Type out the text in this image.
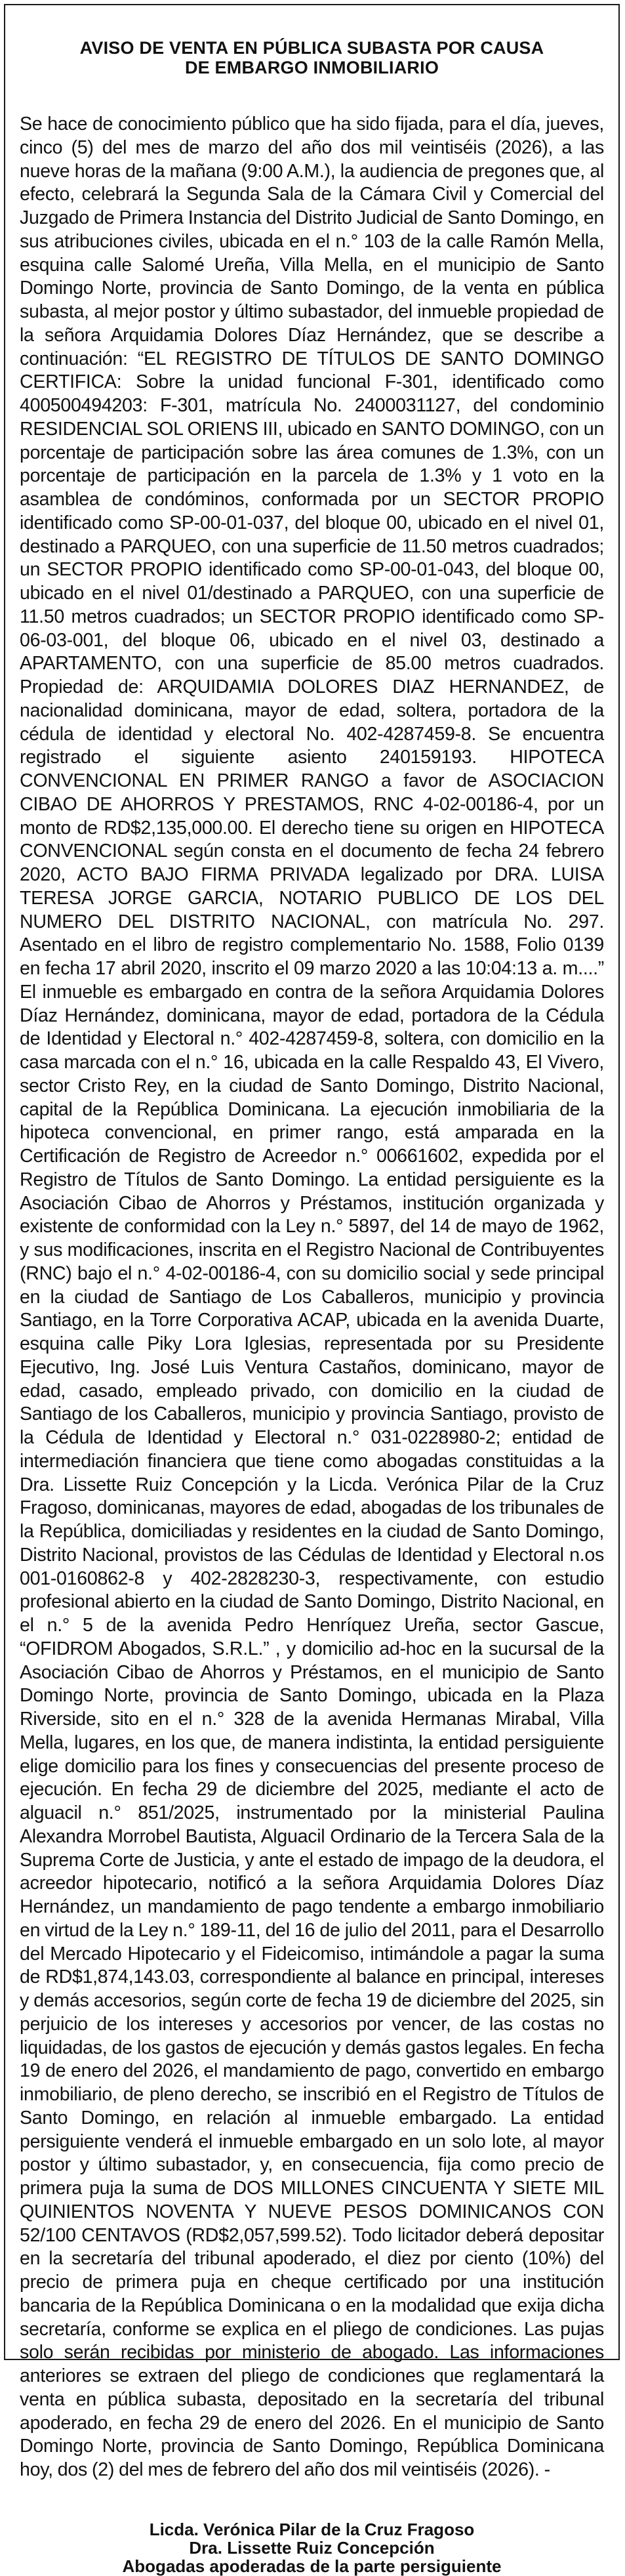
AVISO DE VENTA EN PÚBLICA SUBASTA POR CAUSA
DE EMBARGO INMOBILIARIO

Se hace de conocimiento público que ha sido fijada, para el día, jueves, cinco (5) del mes de marzo del año dos mil veintiséis (2026), a las nueve horas de la mañana (9:00 A.M.), la audiencia de pregones que, al efecto, celebrará la Segunda Sala de la Cámara Civil y Comercial del Juzgado de Primera Instancia del Distrito Judicial de Santo Domingo, en sus atribuciones civiles, ubicada en el n.° 103 de la calle Ramón Mella, esquina calle Salomé Ureña, Villa Mella, en el municipio de Santo Domingo Norte, provincia de Santo Domingo, de la venta en pública subasta, al mejor postor y último subastador, del inmueble propiedad de la señora Arquidamia Dolores Díaz Hernández, que se describe a continuación: “EL REGISTRO DE TÍTULOS DE SANTO DOMINGO CERTIFICA: Sobre la unidad funcional F-301, identificado como 400500494203: F-301, matrícula No. 2400031127, del condominio RESIDENCIAL SOL ORIENS III, ubicado en SANTO DOMINGO, con un porcentaje de participación sobre las área comunes de 1.3%, con un porcentaje de participación en la parcela de 1.3% y 1 voto en la asamblea de condóminos, conformada por un SECTOR PROPIO identificado como SP-00-01-037, del bloque 00, ubicado en el nivel 01, destinado a PARQUEO, con una superficie de 11.50 metros cuadrados; un SECTOR PROPIO identificado como SP-00-01-043, del bloque 00, ubicado en el nivel 01/destinado a PARQUEO, con una superficie de 11.50 metros cuadrados; un SECTOR PROPIO identificado como SP-06-03-001, del bloque 06, ubicado en el nivel 03, destinado a APARTAMENTO, con una superficie de 85.00 metros cuadrados. Propiedad de: ARQUIDAMIA DOLORES DIAZ HERNANDEZ, de nacionalidad dominicana, mayor de edad, soltera, portadora de la cédula de identidad y electoral No. 402-4287459-8. Se encuentra registrado el siguiente asiento 240159193. HIPOTECA CONVENCIONAL EN PRIMER RANGO a favor de ASOCIACION CIBAO DE AHORROS Y PRESTAMOS, RNC 4-02-00186-4, por un monto de RD$2,135,000.00. El derecho tiene su origen en HIPOTECA CONVENCIONAL según consta en el documento de fecha 24 febrero 2020, ACTO BAJO FIRMA PRIVADA legalizado por DRA. LUISA TERESA JORGE GARCIA, NOTARIO PUBLICO DE LOS DEL NUMERO DEL DISTRITO NACIONAL, con matrícula No. 297. Asentado en el libro de registro complementario No. 1588, Folio 0139 en fecha 17 abril 2020, inscrito el 09 marzo 2020 a las 10:04:13 a. m....” El inmueble es embargado en contra de la señora Arquidamia Dolores Díaz Hernández, dominicana, mayor de edad, portadora de la Cédula de Identidad y Electoral n.° 402-4287459-8, soltera, con domicilio en la casa marcada con el n.° 16, ubicada en la calle Respaldo 43, El Vivero, sector Cristo Rey, en la ciudad de Santo Domingo, Distrito Nacional, capital de la República Dominicana. La ejecución inmobiliaria de la hipoteca convencional, en primer rango, está amparada en la Certificación de Registro de Acreedor n.° 00661602, expedida por el Registro de Títulos de Santo Domingo. La entidad persiguiente es la Asociación Cibao de Ahorros y Préstamos, institución organizada y existente de conformidad con la Ley n.° 5897, del 14 de mayo de 1962, y sus modificaciones, inscrita en el Registro Nacional de Contribuyentes (RNC) bajo el n.° 4-02-00186-4, con su domicilio social y sede principal en la ciudad de Santiago de Los Caballeros, municipio y provincia Santiago, en la Torre Corporativa ACAP, ubicada en la avenida Duarte, esquina calle Piky Lora Iglesias, representada por su Presidente Ejecutivo, Ing. José Luis Ventura Castaños, dominicano, mayor de edad, casado, empleado privado, con domicilio en la ciudad de Santiago de los Caballeros, municipio y provincia Santiago, provisto de la Cédula de Identidad y Electoral n.° 031-0228980-2; entidad de intermediación financiera que tiene como abogadas constituidas a la Dra. Lissette Ruiz Concepción y la Licda. Verónica Pilar de la Cruz Fragoso, dominicanas, mayores de edad, abogadas de los tribunales de la República, domiciliadas y residentes en la ciudad de Santo Domingo, Distrito Nacional, provistos de las Cédulas de Identidad y Electoral n.os 001-0160862-8 y 402-2828230-3, respectivamente, con estudio profesional abierto en la ciudad de Santo Domingo, Distrito Nacional, en el n.° 5 de la avenida Pedro Henríquez Ureña, sector Gascue, “OFIDROM Abogados, S.R.L.” , y domicilio ad-hoc en la sucursal de la Asociación Cibao de Ahorros y Préstamos, en el municipio de Santo Domingo Norte, provincia de Santo Domingo, ubicada en la Plaza Riverside, sito en el n.° 328 de la avenida Hermanas Mirabal, Villa Mella, lugares, en los que, de manera indistinta, la entidad persiguiente elige domicilio para los fines y consecuencias del presente proceso de ejecución. En fecha 29 de diciembre del 2025, mediante el acto de alguacil n.° 851/2025, instrumentado por la ministerial Paulina Alexandra Morrobel Bautista, Alguacil Ordinario de la Tercera Sala de la Suprema Corte de Justicia, y ante el estado de impago de la deudora, el acreedor hipotecario, notificó a la señora Arquidamia Dolores Díaz Hernández, un mandamiento de pago tendente a embargo inmobiliario en virtud de la Ley n.° 189-11, del 16 de julio del 2011, para el Desarrollo del Mercado Hipotecario y el Fideicomiso, intimándole a pagar la suma de RD$1,874,143.03, correspondiente al balance en principal, intereses y demás accesorios, según corte de fecha 19 de diciembre del 2025, sin perjuicio de los intereses y accesorios por vencer, de las costas no liquidadas, de los gastos de ejecución y demás gastos legales. En fecha 19 de enero del 2026, el mandamiento de pago, convertido en embargo inmobiliario, de pleno derecho, se inscribió en el Registro de Títulos de Santo Domingo, en relación al inmueble embargado. La entidad persiguiente venderá el inmueble embargado en un solo lote, al mayor postor y último subastador, y, en consecuencia, fija como precio de primera puja la suma de DOS MILLONES CINCUENTA Y SIETE MIL QUINIENTOS NOVENTA Y NUEVE PESOS DOMINICANOS CON 52/100 CENTAVOS (RD$2,057,599.52). Todo licitador deberá depositar en la secretaría del tribunal apoderado, el diez por ciento (10%) del precio de primera puja en cheque certificado por una institución bancaria de la República Dominicana o en la modalidad que exija dicha secretaría, conforme se explica en el pliego de condiciones. Las pujas solo serán recibidas por ministerio de abogado. Las informaciones anteriores se extraen del pliego de condiciones que reglamentará la venta en pública subasta, depositado en la secretaría del tribunal apoderado, en fecha 29 de enero del 2026. En el municipio de Santo Domingo Norte, provincia de Santo Domingo, República Dominicana hoy, dos (2) del mes de febrero del año dos mil veintiséis (2026). -

Licda. Verónica Pilar de la Cruz Fragoso
Dra. Lissette Ruiz Concepción
Abogadas apoderadas de la parte persiguiente
